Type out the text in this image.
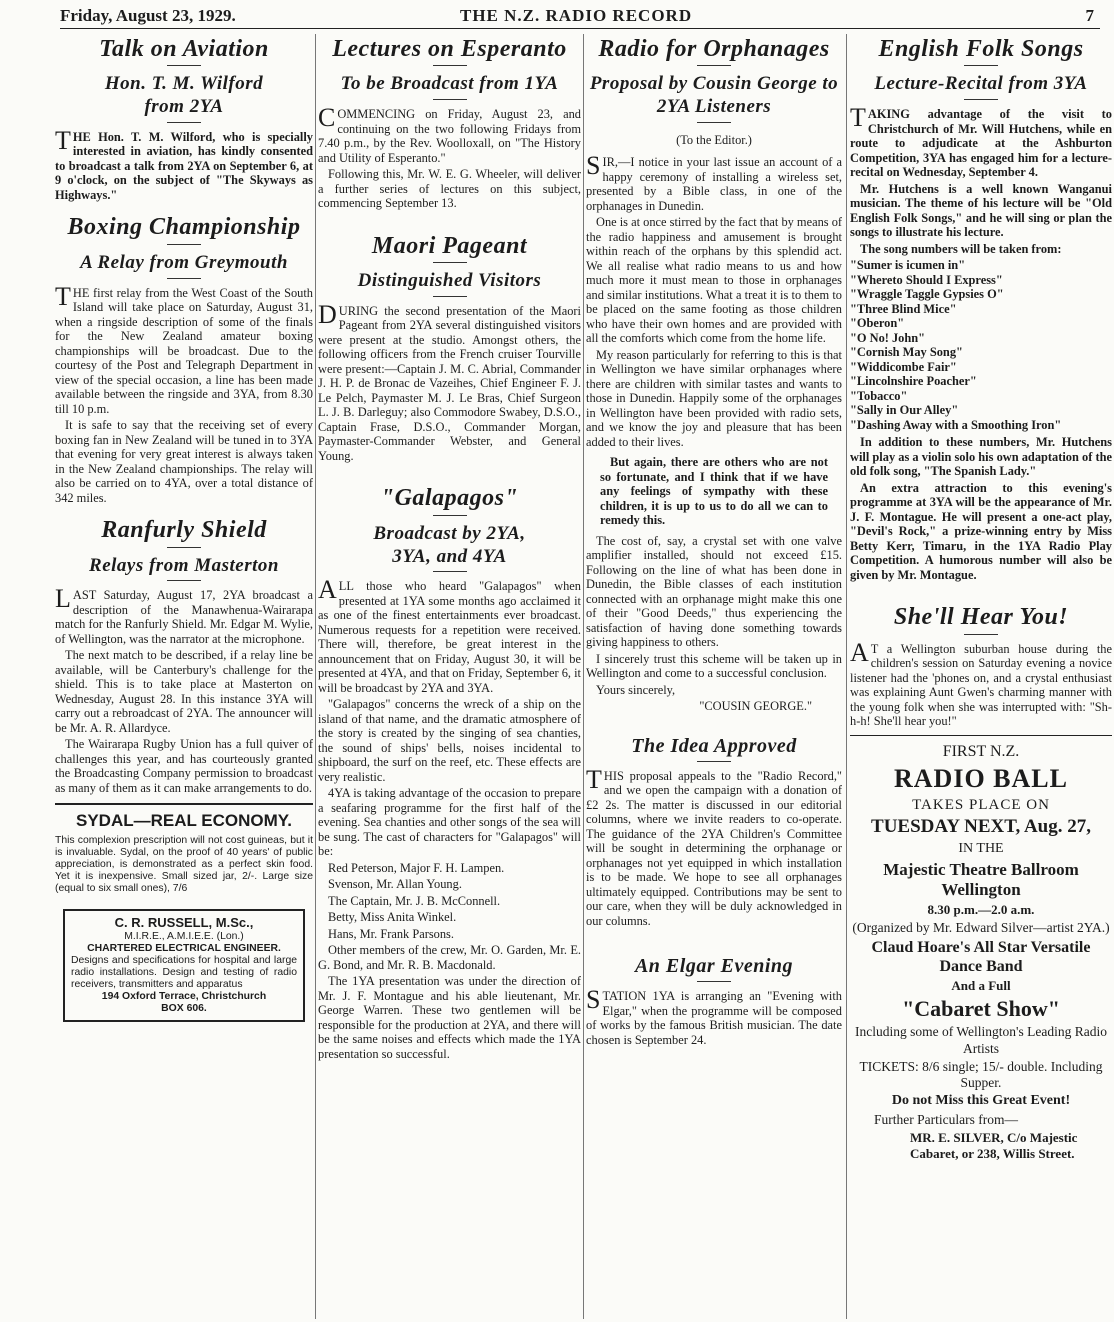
Friday, August 23, 1929.	THE N.Z. RADIO RECORD	7
Talk on Aviation
Hon. T. M. Wilford from 2YA

THE Hon. T. M. Wilford, who is specially interested in aviation, has kindly consented to broadcast a talk from 2YA on September 6, at 9 o'clock, on the subject of "The Skyways as Highways."

Boxing Championship
A Relay from Greymouth

THE first relay from the West Coast of the South Island will take place on Saturday, August 31, when a ringside description of some of the finals for the New Zealand amateur boxing championships will be broadcast. Due to the courtesy of the Post and Telegraph Department in view of the special occasion, a line has been made available between the ringside and 3YA, from 8.30 till 10 p.m.

It is safe to say that the receiving set of every boxing fan in New Zealand will be tuned in to 3YA that evening for very great interest is always taken in the New Zealand championships. The relay will also be carried on to 4YA, over a total distance of 342 miles.

Ranfurly Shield
Relays from Masterton

LAST Saturday, August 17, 2YA broadcast a description of the Manawhenua-Wairarapa match for the Ranfurly Shield. Mr. Edgar M. Wylie, of Wellington, was the narrator at the microphone.

The next match to be described, if a relay line be available, will be Canterbury's challenge for the shield. This is to take place at Masterton on Wednesday, August 28. In this instance 3YA will carry out a rebroadcast of 2YA. The announcer will be Mr. A. R. Allardyce.

The Wairarapa Rugby Union has a full quiver of challenges this year, and has courteously granted the Broadcasting Company permission to broadcast as many of them as it can make arrangements to do.

SYDAL—REAL ECONOMY.
This complexion prescription will not cost guineas, but it is invaluable. Sydal, on the proof of 40 years' of public appreciation, is demonstrated as a perfect skin food. Yet it is inexpensive. Small sized jar, 2/-. Large size (equal to six small ones), 7/6
C. R. RUSSELL, M.Sc.,
M.I.R.E., A.M.I.E.E. (Lon.)
CHARTERED ELECTRICAL ENGINEER.
Designs and specifications for hospital and large radio installations. Design and testing of radio receivers, transmitters and apparatus
194 Oxford Terrace, Christchurch
BOX 606.
Lectures on Esperanto
To be Broadcast from 1YA

COMMENCING on Friday, August 23, and continuing on the two following Fridays from 7.40 p.m., by the Rev. Woolloxall, on "The History and Utility of Esperanto."

Following this, Mr. W. E. G. Wheeler, will deliver a further series of lectures on this subject, commencing September 13.

Maori Pageant
Distinguished Visitors

DURING the second presentation of the Maori Pageant from 2YA several distinguished visitors were present at the studio. Amongst others, the following officers from the French cruiser Tourville were present:—Captain J. M. C. Abrial, Commander J. H. P. de Bronac de Vazeihes, Chief Engineer F. J. Le Pelch, Paymaster M. J. Le Bras, Chief Surgeon L. J. B. Darleguy; also Commodore Swabey, D.S.O., Captain Frase, D.S.O., Commander Morgan, Paymaster-Commander Webster, and General Young.

"Galapagos"
Broadcast by 2YA, 3YA, and 4YA

ALL those who heard "Galapagos" when presented at 1YA some months ago acclaimed it as one of the finest entertainments ever broadcast. Numerous requests for a repetition were received. There will, therefore, be great interest in the announcement that on Friday, August 30, it will be presented at 4YA, and that on Friday, September 6, it will be broadcast by 2YA and 3YA.

"Galapagos" concerns the wreck of a ship on the island of that name, and the dramatic atmosphere of the story is created by the singing of sea chanties, the sound of ships' bells, noises incidental to shipboard, the surf on the reef, etc. These effects are very realistic.

4YA is taking advantage of the occasion to prepare a seafaring programme for the first half of the evening. Sea chanties and other songs of the sea will be sung. The cast of characters for "Galapagos" will be:

Red Peterson, Major F. H. Lampen.

Svenson, Mr. Allan Young.

The Captain, Mr. J. B. McConnell.

Betty, Miss Anita Winkel.

Hans, Mr. Frank Parsons.

Other members of the crew, Mr. O. Garden, Mr. E. G. Bond, and Mr. R. B. Macdonald.

The 1YA presentation was under the direction of Mr. J. F. Montague and his able lieutenant, Mr. George Warren. These two gentlemen will be responsible for the production at 2YA, and there will be the same noises and effects which made the 1YA presentation so successful.

Radio for Orphanages
Proposal by Cousin George to 2YA Listeners

(To the Editor.)

SIR,—I notice in your last issue an account of a happy ceremony of installing a wireless set, presented by a Bible class, in one of the orphanages in Dunedin.

One is at once stirred by the fact that by means of the radio happiness and amusement is brought within reach of the orphans by this splendid act. We all realise what radio means to us and how much more it must mean to those in orphanages and similar institutions. What a treat it is to them to be placed on the same footing as those children who have their own homes and are provided with all the comforts which come from the home life.

My reason particularly for referring to this is that in Wellington we have similar orphanages where there are children with similar tastes and wants to those in Dunedin. Happily some of the orphanages in Wellington have been provided with radio sets, and we know the joy and pleasure that has been added to their lives.

But again, there are others who are not so fortunate, and I think that if we have any feelings of sympathy with these children, it is up to us to do all we can to remedy this.

The cost of, say, a crystal set with one valve amplifier installed, should not exceed £15. Following on the line of what has been done in Dunedin, the Bible classes of each institution connected with an orphanage might make this one of their "Good Deeds," thus experiencing the satisfaction of having done something towards giving happiness to others.

I sincerely trust this scheme will be taken up in Wellington and come to a successful conclusion.

Yours sincerely,

"COUSIN GEORGE."

The Idea Approved

THIS proposal appeals to the "Radio Record," and we open the campaign with a donation of £2 2s. The matter is discussed in our editorial columns, where we invite readers to co-operate. The guidance of the 2YA Children's Committee will be sought in determining the orphanage or orphanages not yet equipped in which installation is to be made. We hope to see all orphanages ultimately equipped. Contributions may be sent to our care, when they will be duly acknowledged in our columns.

An Elgar Evening

STATION 1YA is arranging an "Evening with Elgar," when the programme will be composed of works by the famous British musician. The date chosen is September 24.

English Folk Songs
Lecture-Recital from 3YA

TAKING advantage of the visit to Christchurch of Mr. Will Hutchens, while en route to adjudicate at the Ashburton Competition, 3YA has engaged him for a lecture-recital on Wednesday, September 4.

Mr. Hutchens is a well known Wanganui musician. The theme of his lecture will be "Old English Folk Songs," and he will sing or plan the songs to illustrate his lecture.

The song numbers will be taken from:

"Sumer is icumen in"
"Whereto Should I Express"
"Wraggle Taggle Gypsies O"
"Three Blind Mice"
"Oberon"
"O No! John"
"Cornish May Song"
"Widdicombe Fair"
"Lincolnshire Poacher"
"Tobacco"
"Sally in Our Alley"
"Dashing Away with a Smoothing Iron"

In addition to these numbers, Mr. Hutchens will play as a violin solo his own adaptation of the old folk song, "The Spanish Lady."

An extra attraction to this evening's programme at 3YA will be the appearance of Mr. J. F. Montague. He will present a one-act play, "Devil's Rock," a prize-winning entry by Miss Betty Kerr, Timaru, in the 1YA Radio Play Competition. A humorous number will also be given by Mr. Montague.

She'll Hear You!

A T a Wellington suburban house during the children's session on Saturday evening a novice listener had the 'phones on, and a crystal enthusiast was explaining Aunt Gwen's charming manner with the young folk when she was interrupted with: "Sh-h-h! She'll hear you!"

FIRST N.Z.
RADIO BALL
TAKES PLACE ON
TUESDAY NEXT, Aug. 27,
IN THE
Majestic Theatre Ballroom Wellington
8.30 p.m.—2.0 a.m.
(Organized by Mr. Edward Silver—artist 2YA.)
Claud Hoare's All Star Versatile Dance Band
And a Full
"Cabaret Show"
Including some of Wellington's Leading Radio Artists
TICKETS: 8/6 single; 15/- double. Including Supper.
Do not Miss this Great Event!
Further Particulars from—
MR. E. SILVER, C/o Majestic Cabaret, or 238, Willis Street.
